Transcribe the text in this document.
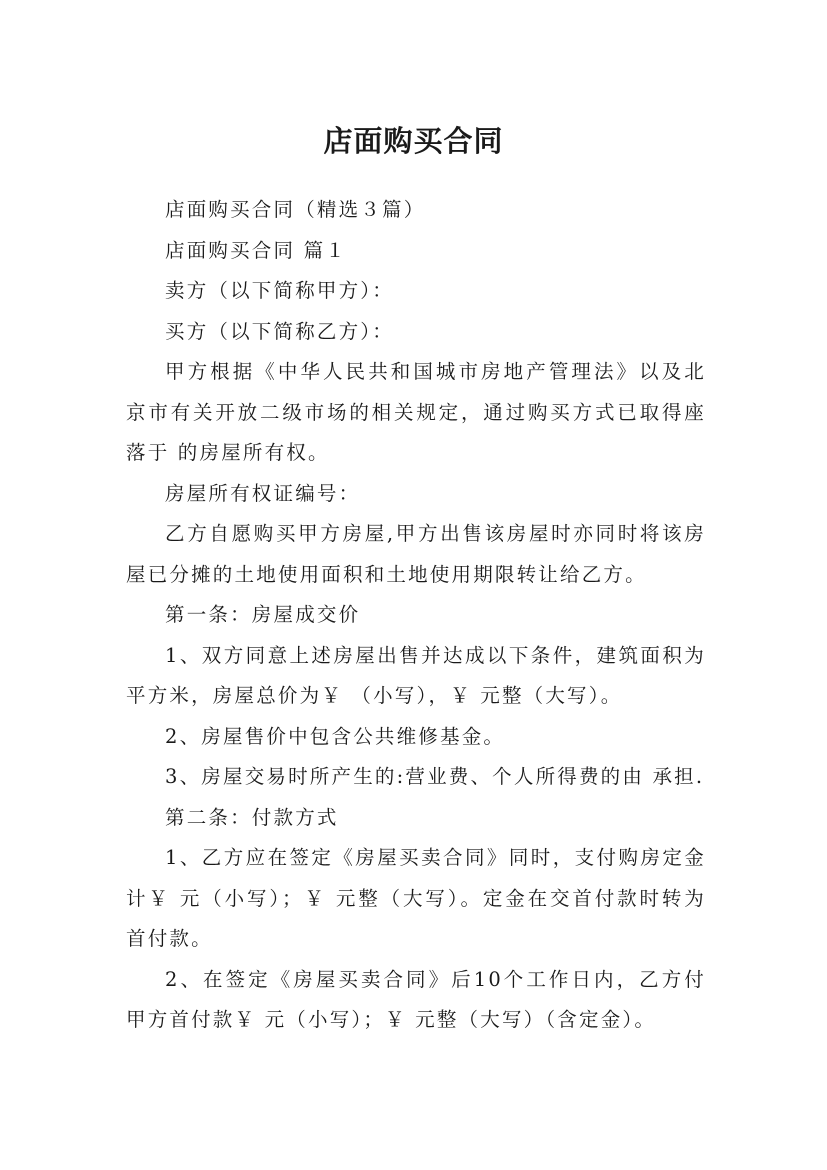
店面购买合同

店面购买合同（精选３篇）

店面购买合同 篇１

卖方（以下简称甲方）：

买方（以下简称乙方）：

甲方根据《中华人民共和国城市房地产管理法》以及北京市有关开放二级市场的相关规定，通过购买方式已取得座落于 的房屋所有权。

房屋所有权证编号：

乙方自愿购买甲方房屋,甲方出售该房屋时亦同时将该房屋已分摊的土地使用面积和土地使用期限转让给乙方。

第一条：房屋成交价

1、双方同意上述房屋出售并达成以下条件，建筑面积为 平方米，房屋总价为￥ （小写），￥ 元整（大写）。

2、房屋售价中包含公共维修基金。

3、房屋交易时所产生的:营业费、个人所得费的由 承担.

第二条：付款方式

1、乙方应在签定《房屋买卖合同》同时，支付购房定金计￥ 元（小写）；￥ 元整（大写）。定金在交首付款时转为首付款。

2、在签定《房屋买卖合同》后10个工作日内，乙方付甲方首付款￥ 元（小写）；￥ 元整（大写）（含定金）。
